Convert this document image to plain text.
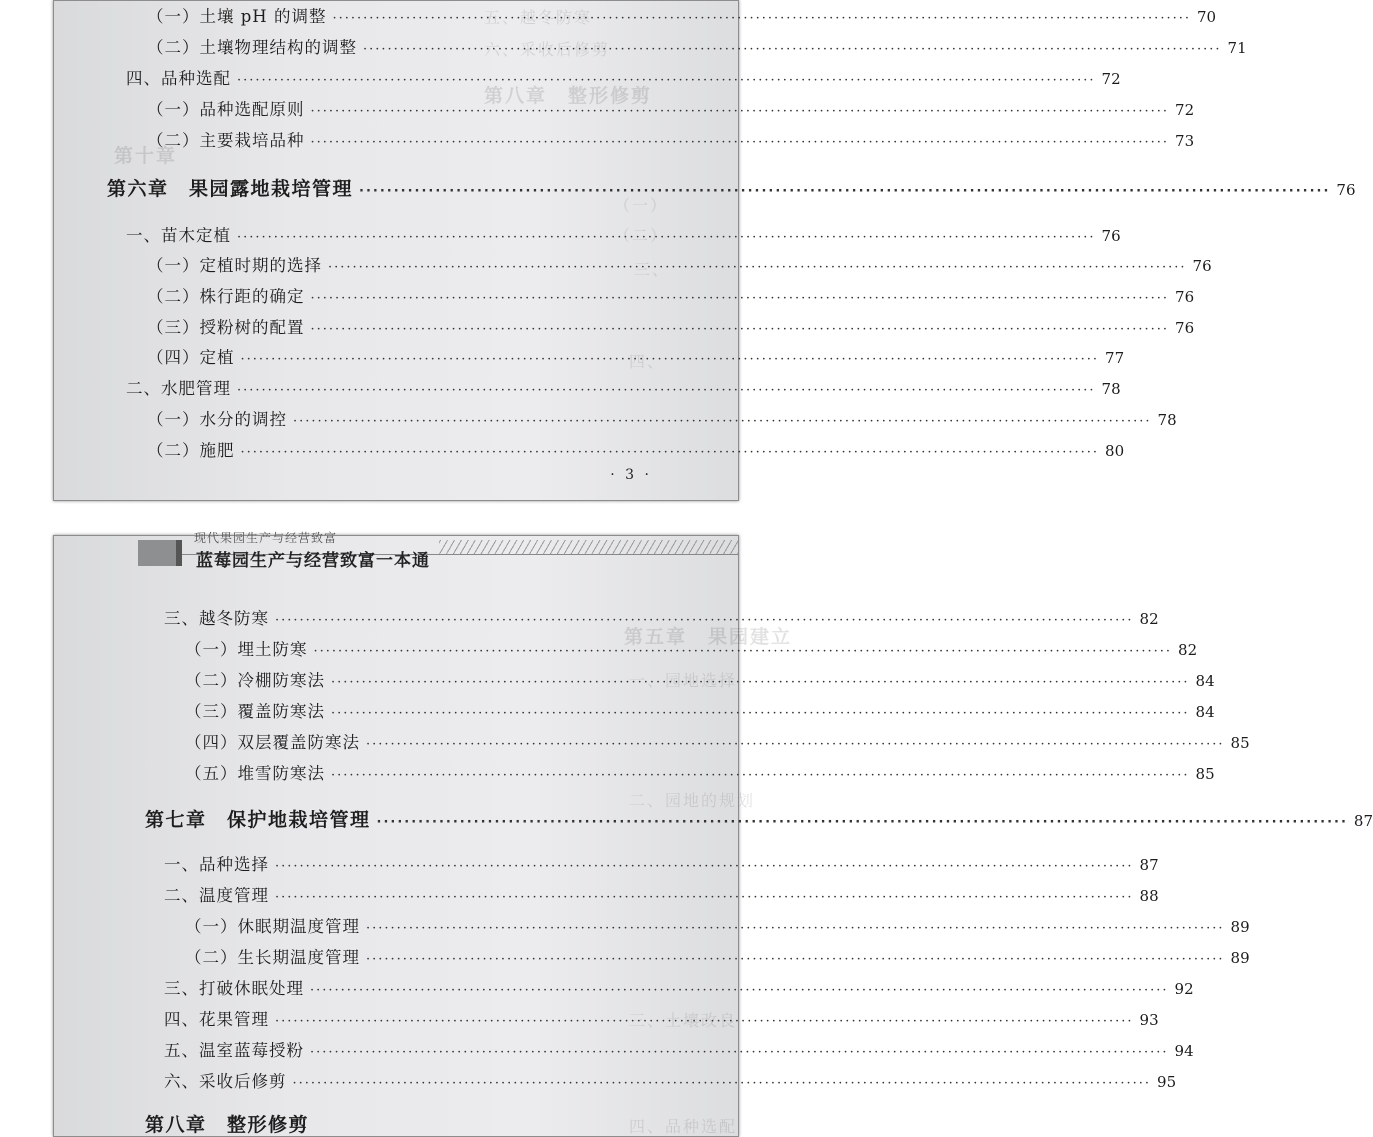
五、越冬防寒
六、采收后修剪
第八章　整形修剪
第十章
（一）
（二）
三、
四、
（一）土壤 pH 的调整 ·····	70
（二）土壤物理结构的调整 ·····	71
四、品种选配 ·····	72
（一）品种选配原则 ·····	72
（二）主要栽培品种 ·····	73
第六章　果园露地栽培管理 ·····	76
一、苗木定植 ·····	76
（一）定植时期的选择 ·····	76
（二）株行距的确定 ·····	76
（三）授粉树的配置 ·····	76
（四）定植 ·····	77
二、水肥管理 ·····	78
（一）水分的调控 ·····	78
（二）施肥 ·····	80
· 3 ·
现代果园生产与经营致富
蓝莓园生产与经营致富一本通
第五章　果园建立
一、园地选择
二、园地的规划
三、土壤改良
四、品种选配
三、越冬防寒 ·····	82
（一）埋土防寒 ·····	82
（二）冷棚防寒法 ·····	84
（三）覆盖防寒法 ·····	84
（四）双层覆盖防寒法 ·····	85
（五）堆雪防寒法 ·····	85
第七章　保护地栽培管理 ·····	87
一、品种选择 ·····	87
二、温度管理 ·····	88
（一）休眠期温度管理 ·····	89
（二）生长期温度管理 ·····	89
三、打破休眠处理 ·····	92
四、花果管理 ·····	93
五、温室蓝莓授粉 ·····	94
六、采收后修剪 ·····	95
第八章　整形修剪
